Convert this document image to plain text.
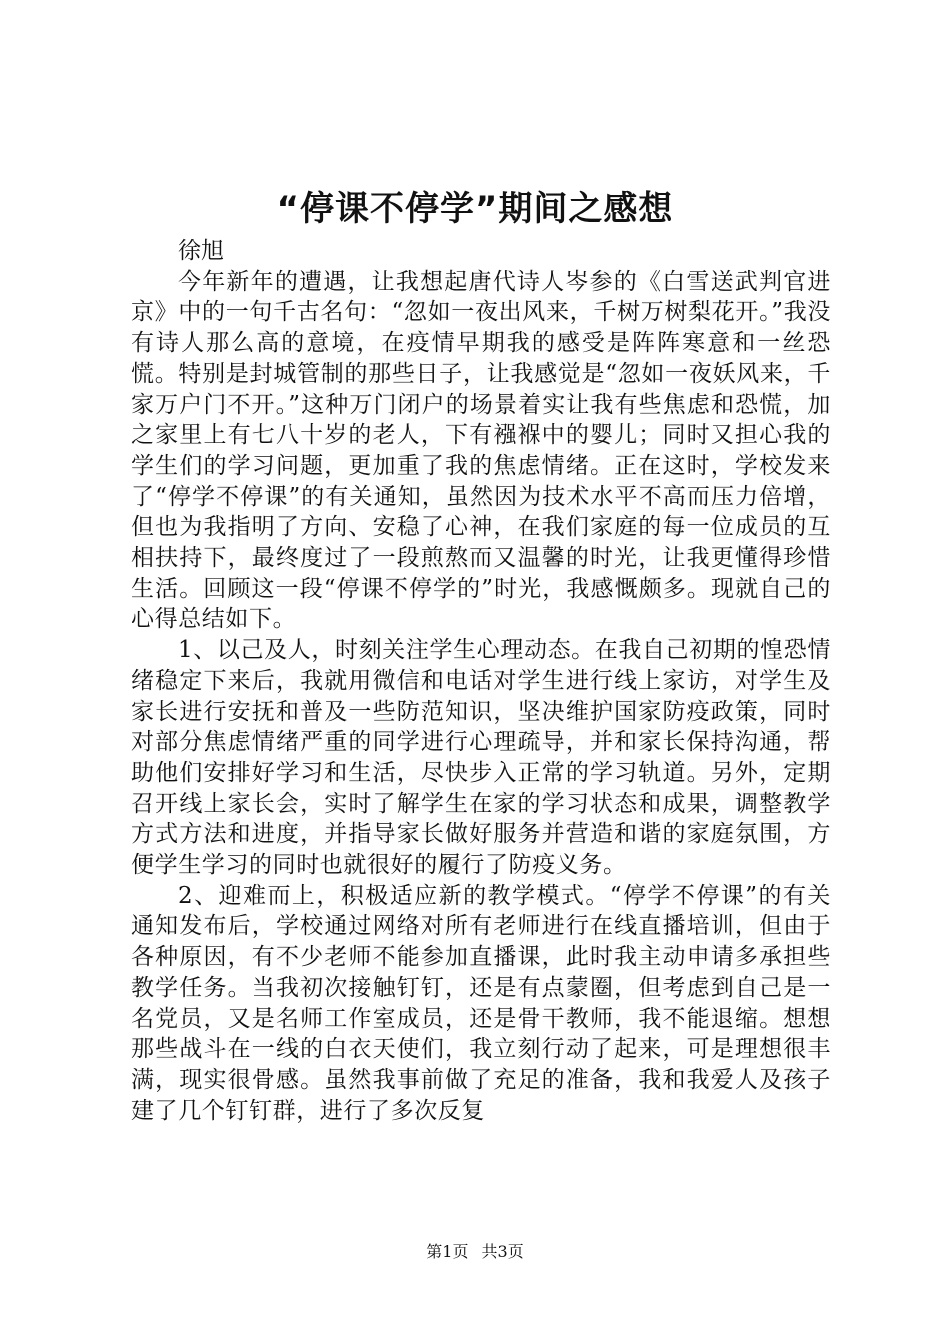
“停课不停学”期间之感想

徐旭

今年新年的遭遇，让我想起唐代诗人岑参的《白雪送武判官进京》中的一句千古名句：“忽如一夜出风来，千树万树梨花开。”我没有诗人那么高的意境，在疫情早期我的感受是阵阵寒意和一丝恐慌。特别是封城管制的那些日子，让我感觉是“忽如一夜妖风来，千家万户门不开。”这种万门闭户的场景着实让我有些焦虑和恐慌，加之家里上有七八十岁的老人，下有襁褓中的婴儿；同时又担心我的学生们的学习问题，更加重了我的焦虑情绪。正在这时，学校发来了“停学不停课”的有关通知，虽然因为技术水平不高而压力倍增，但也为我指明了方向、安稳了心神，在我们家庭的每一位成员的互相扶持下，最终度过了一段煎熬而又温馨的时光，让我更懂得珍惜生活。回顾这一段“停课不停学的”时光，我感慨颇多。现就自己的心得总结如下。

1、以己及人，时刻关注学生心理动态。在我自己初期的惶恐情绪稳定下来后，我就用微信和电话对学生进行线上家访，对学生及家长进行安抚和普及一些防范知识，坚决维护国家防疫政策，同时对部分焦虑情绪严重的同学进行心理疏导，并和家长保持沟通，帮助他们安排好学习和生活，尽快步入正常的学习轨道。另外，定期召开线上家长会，实时了解学生在家的学习状态和成果，调整教学方式方法和进度，并指导家长做好服务并营造和谐的家庭氛围，方便学生学习的同时也就很好的履行了防疫义务。

2、迎难而上，积极适应新的教学模式。“停学不停课”的有关通知发布后，学校通过网络对所有老师进行在线直播培训，但由于各种原因，有不少老师不能参加直播课，此时我主动申请多承担些教学任务。当我初次接触钉钉，还是有点蒙圈，但考虑到自己是一名党员，又是名师工作室成员，还是骨干教师，我不能退缩。想想那些战斗在一线的白衣天使们，我立刻行动了起来，可是理想很丰满，现实很骨感。虽然我事前做了充足的准备，我和我爱人及孩子建了几个钉钉群，进行了多次反复

第1页 共3页
